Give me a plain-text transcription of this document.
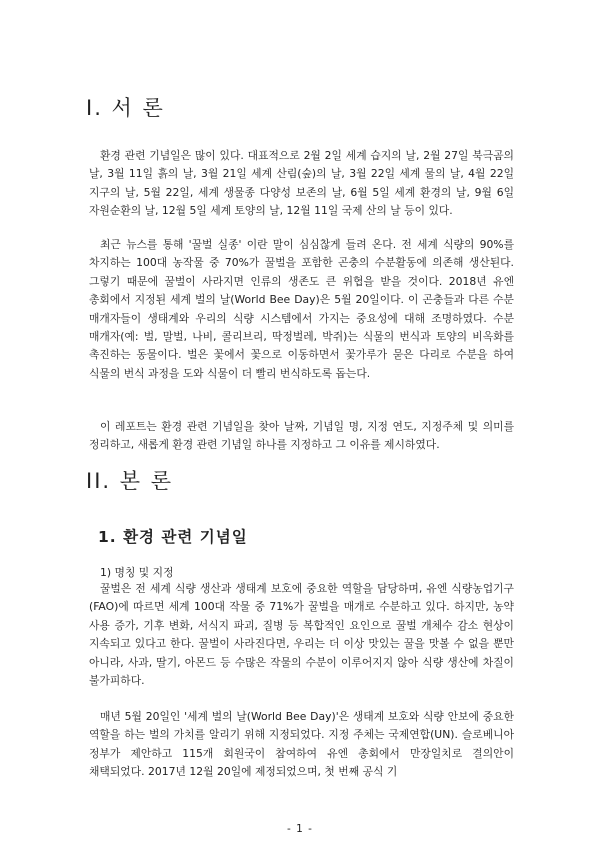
I. 서 론

환경 관련 기념일은 많이 있다. 대표적으로 2월 2일 세계 습지의 날, 2월 27일 북극곰의 날, 3월 11일 흙의 날, 3월 21일 세계 산림(숲)의 날, 3월 22일 세계 물의 날, 4월 22일 지구의 날, 5월 22일, 세계 생물종 다양성 보존의 날, 6월 5일 세계 환경의 날, 9월 6일 자원순환의 날, 12월 5일 세계 토양의 날, 12월 11일 국제 산의 날 등이 있다.

최근 뉴스를 통해 '꿀벌 실종' 이란 말이 심심찮게 들려 온다. 전 세계 식량의 90%를 차지하는 100대 농작물 중 70%가 꿀벌을 포함한 곤충의 수분활동에 의존해 생산된다. 그렇기 때문에 꿀벌이 사라지면 인류의 생존도 큰 위협을 받을 것이다. 2018년 유엔 총회에서 지정된 세계 벌의 날(World Bee Day)은 5월 20일이다. 이 곤충들과 다른 수분 매개자들이 생태계와 우리의 식량 시스템에서 가지는 중요성에 대해 조명하였다. 수분 매개자(예: 벌, 말벌, 나비, 콜리브리, 딱정벌레, 박쥐)는 식물의 번식과 토양의 비옥화를 촉진하는 동물이다. 벌은 꽃에서 꽃으로 이동하면서 꽃가루가 묻은 다리로 수분을 하여 식물의 번식 과정을 도와 식물이 더 빨리 번식하도록 돕는다.

이 레포트는 환경 관련 기념일을 찾아 날짜, 기념일 명, 지정 연도, 지정주체 및 의미를 정리하고, 새롭게 환경 관련 기념일 하나를 지정하고 그 이유를 제시하였다.

II. 본 론
1. 환경 관련 기념일

1) 명칭 및 지정

꿀벌은 전 세계 식량 생산과 생태계 보호에 중요한 역할을 담당하며, 유엔 식량농업기구(FAO)에 따르면 세계 100대 작물 중 71%가 꿀벌을 매개로 수분하고 있다. 하지만, 농약 사용 증가, 기후 변화, 서식지 파괴, 질병 등 복합적인 요인으로 꿀벌 개체수 감소 현상이 지속되고 있다고 한다. 꿀벌이 사라진다면, 우리는 더 이상 맛있는 꿀을 맛볼 수 없을 뿐만 아니라, 사과, 딸기, 아몬드 등 수많은 작물의 수분이 이루어지지 않아 식량 생산에 차질이 불가피하다.

매년 5월 20일인 '세계 벌의 날(World Bee Day)'은 생태계 보호와 식량 안보에 중요한 역할을 하는 벌의 가치를 알리기 위해 지정되었다. 지정 주체는 국제연합(UN). 슬로베니아 정부가 제안하고 115개 회원국이 참여하여 유엔 총회에서 만장일치로 결의안이 채택되었다. 2017년 12월 20일에 제정되었으며, 첫 번째 공식 기

- 1 -
